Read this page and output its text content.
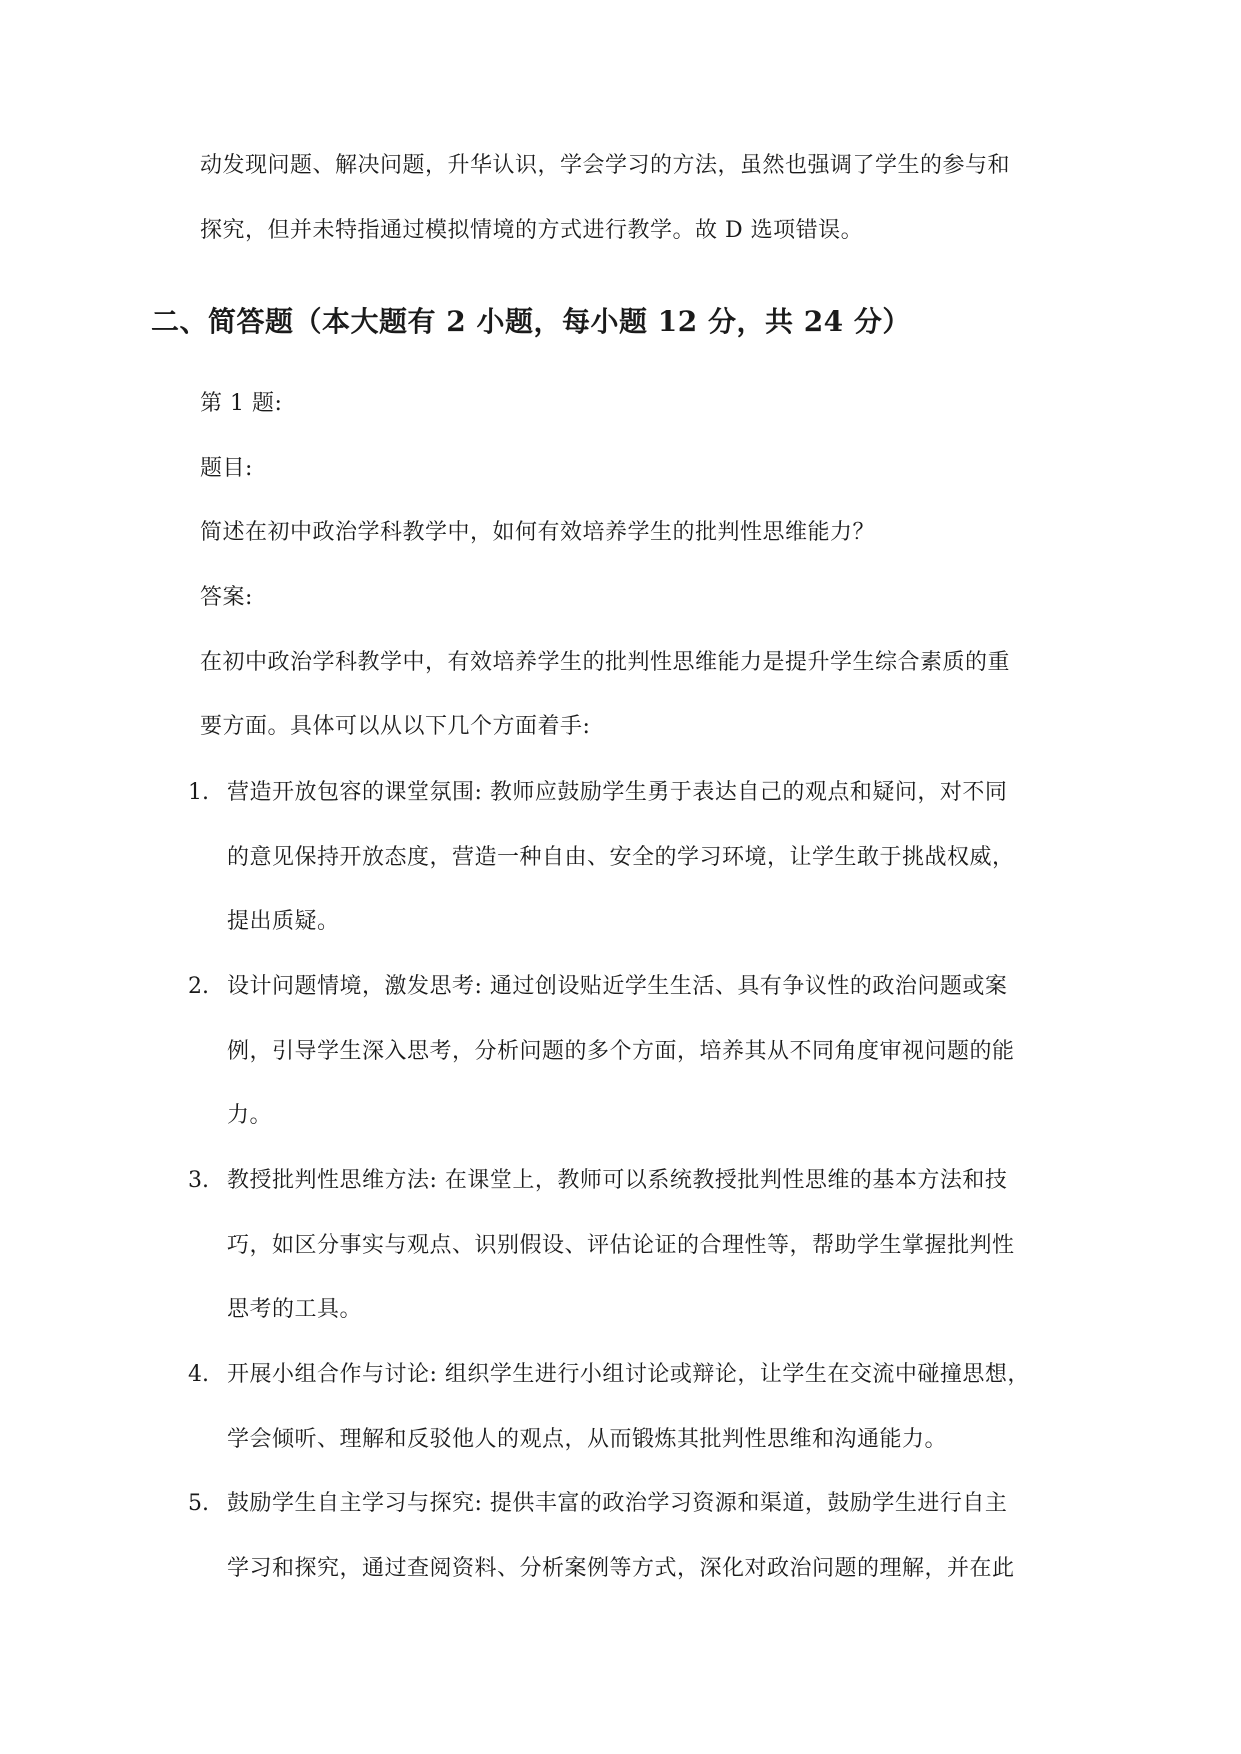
动发现问题、解决问题，升华认识，学会学习的方法，虽然也强调了学生的参与和
探究，但并未特指通过模拟情境的方式进行教学。故 D 选项错误。
二、简答题（本大题有 2 小题，每小题 12 分，共 24 分）
第 1 题:
题目:
简述在初中政治学科教学中，如何有效培养学生的批判性思维能力？
答案:
在初中政治学科教学中，有效培养学生的批判性思维能力是提升学生综合素质的重
要方面。具体可以从以下几个方面着手:
1. 营造开放包容的课堂氛围: 教师应鼓励学生勇于表达自己的观点和疑问，对不同
的意见保持开放态度，营造一种自由、安全的学习环境，让学生敢于挑战权威，
提出质疑。
2. 设计问题情境，激发思考: 通过创设贴近学生生活、具有争议性的政治问题或案
例，引导学生深入思考，分析问题的多个方面，培养其从不同角度审视问题的能
力。
3. 教授批判性思维方法: 在课堂上，教师可以系统教授批判性思维的基本方法和技
巧，如区分事实与观点、识别假设、评估论证的合理性等，帮助学生掌握批判性
思考的工具。
4. 开展小组合作与讨论: 组织学生进行小组讨论或辩论，让学生在交流中碰撞思想，
学会倾听、理解和反驳他人的观点，从而锻炼其批判性思维和沟通能力。
5. 鼓励学生自主学习与探究: 提供丰富的政治学习资源和渠道，鼓励学生进行自主
学习和探究，通过查阅资料、分析案例等方式，深化对政治问题的理解，并在此
